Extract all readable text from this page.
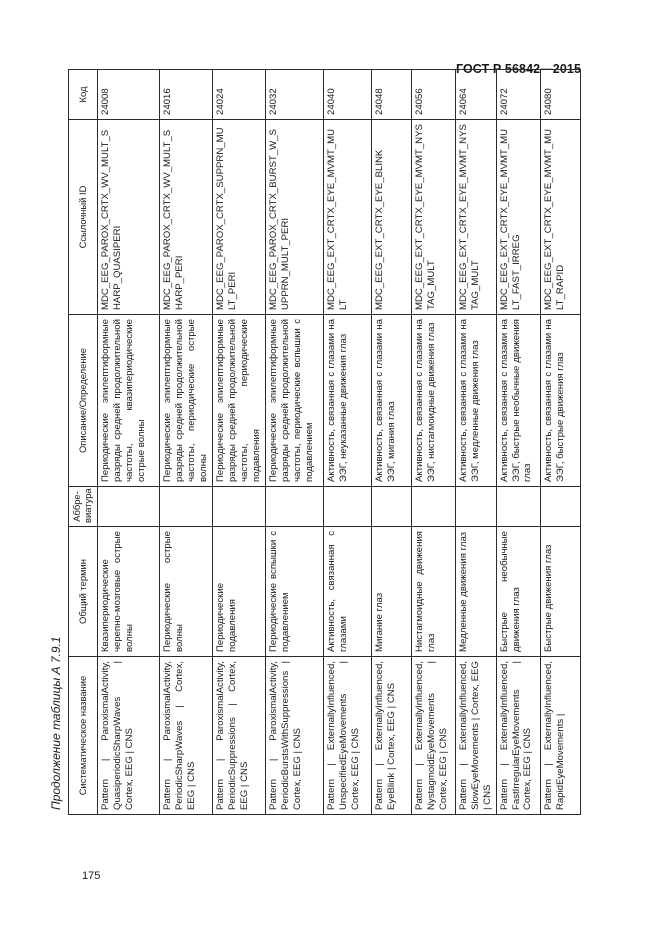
ГОСТ Р 56842—2015
Продолжение таблицы А 7.9.1 Систематическое название	Общий термин	Аббре-виатура	Описание/Определение	Ссылочный ID	Код
Pattern | ParoxismalActivity, QuasiperiodicSharpWaves | Cortex, EEG | CNS	Квазипериодические черепно-мозговые острые волны		Периодические эпилептиформные разряды средней продолжительной частоты, квазипериодические острые волны	MDC_EEG_PAROX_CRTX_WV_MULT_SHARP_QUASIPERI	24008
Pattern | ParoxismalActivity, PeriodicSharpWaves | Cortex, EEG | CNS	Периодические острые волны		Периодические эпилептиформные разряды средней продолжительной частоты, периодические острые волны	MDC_EEG_PAROX_CRTX_WV_MULT_SHARP_PERI	24016
Pattern | ParoxismalActivity, PeriodicSuppressions | Cortex, EEG | CNS	Периодические подавления		Периодические эпилептиформные разряды средней продолжительной частоты, периодические подавления	MDC_EEG_PAROX_CRTX_SUPPRN_MULT_PERI	24024
Pattern | ParoxismalActivity, PeriodicBurstsWithSuppressions | Cortex, EEG | CNS	Периодические вспышки с подавлением		Периодические эпилептиформные разряды средней продолжительной частоты, периодические вспышки с подавлением	MDC_EEG_PAROX_CRTX_BURST_W_SUPPRN_MULT_PERI	24032
Pattern | ExternallyInfluenced, UnspecifiedEyeMovements | Cortex, EEG | CNS	Активность, связанная с глазами		Активность, связанная с глазами на ЭЭГ, неуказанные движения глаз	MDC_EEG_EXT_CRTX_EYE_MVMT_MULT	24040
Pattern | ExternallyInfluenced, EyeBlink | Cortex, EEG | CNS	Мигание глаз		Активность, связанная с глазами на ЭЭГ, мигания глаз	MDC_EEG_EXT_CRTX_EYE_BLINK	24048
Pattern | ExternallyInfluenced, NystagmoidEyeMovements | Cortex, EEG | CNS	Нистагмоидные движения глаз		Активность, связанная с глазами на ЭЭГ, нистагмоидные движения глаз	MDC_EEG_EXT_CRTX_EYE_MVMT_NYSTAG_MULT	24056
Pattern | ExternallyInfluenced, SlowEyeMovements | Cortex, EEG | CNS	Медленные движения глаз		Активность, связанная с глазами на ЭЭГ, медленные движения глаз	MDC_EEG_EXT_CRTX_EYE_MVMT_NYSTAG_MULT	24064
Pattern | ExternallyInfluenced, FastIrregularEyeMovements | Cortex, EEG | CNS	Быстрые необычные движения глаз		Активность, связанная с глазами на ЭЭГ, быстрые необычные движения глаз	MDC_EEG_EXT_CRTX_EYE_MVMT_MULT_FAST_IRREG	24072
Pattern | ExternallyInfluenced, RapidEyeMovements |	Быстрые движения глаз		Активность, связанная с глазами на ЭЭГ, быстрые движения глаз	MDC_EEG_EXT_CRTX_EYE_MVMT_MULT_RAPID	24080
175
